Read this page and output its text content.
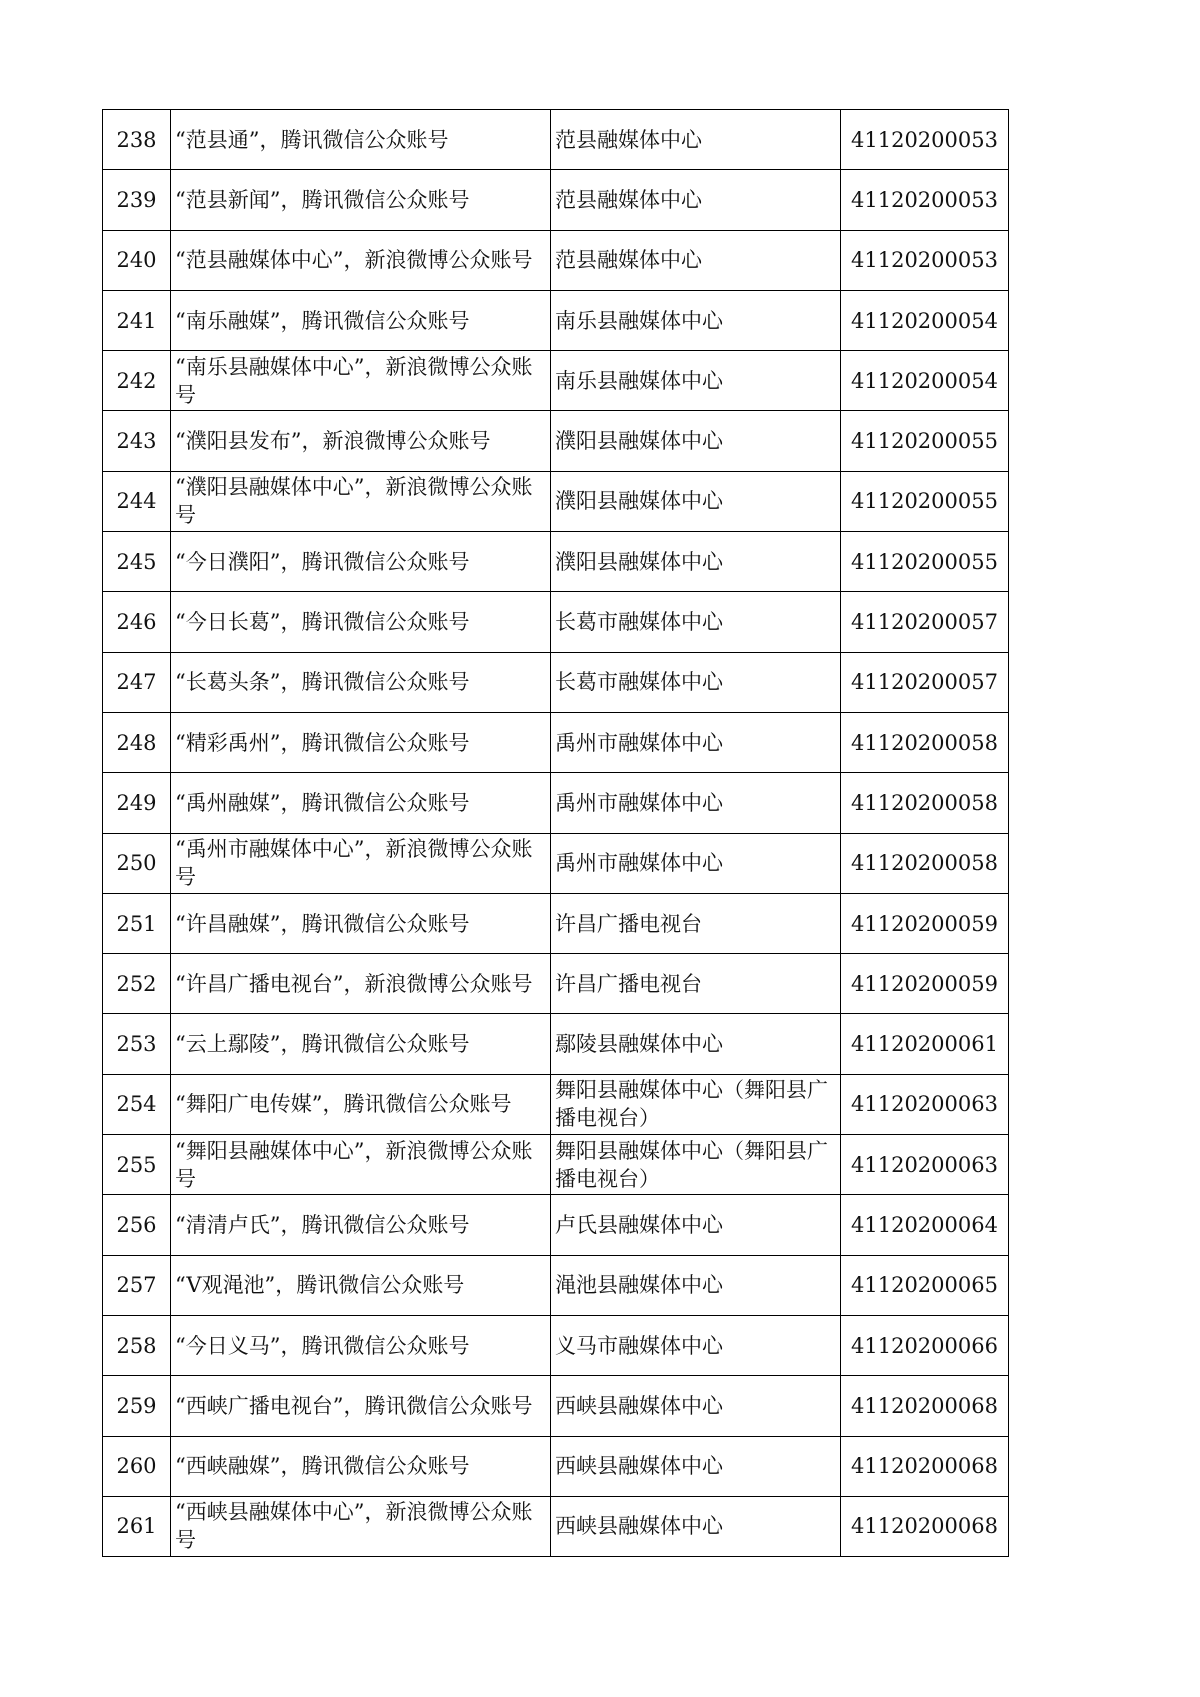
238	“范县通”，腾讯微信公众账号	范县融媒体中心	41120200053
239	“范县新闻”，腾讯微信公众账号	范县融媒体中心	41120200053
240	“范县融媒体中心”，新浪微博公众账号	范县融媒体中心	41120200053
241	“南乐融媒”，腾讯微信公众账号	南乐县融媒体中心	41120200054
242	“南乐县融媒体中心”，新浪微博公众账号	南乐县融媒体中心	41120200054
243	“濮阳县发布”，新浪微博公众账号	濮阳县融媒体中心	41120200055
244	“濮阳县融媒体中心”，新浪微博公众账号	濮阳县融媒体中心	41120200055
245	“今日濮阳”，腾讯微信公众账号	濮阳县融媒体中心	41120200055
246	“今日长葛”，腾讯微信公众账号	长葛市融媒体中心	41120200057
247	“长葛头条”，腾讯微信公众账号	长葛市融媒体中心	41120200057
248	“精彩禹州”，腾讯微信公众账号	禹州市融媒体中心	41120200058
249	“禹州融媒”，腾讯微信公众账号	禹州市融媒体中心	41120200058
250	“禹州市融媒体中心”，新浪微博公众账号	禹州市融媒体中心	41120200058
251	“许昌融媒”，腾讯微信公众账号	许昌广播电视台	41120200059
252	“许昌广播电视台”，新浪微博公众账号	许昌广播电视台	41120200059
253	“云上鄢陵”，腾讯微信公众账号	鄢陵县融媒体中心	41120200061
254	“舞阳广电传媒”，腾讯微信公众账号	舞阳县融媒体中心（舞阳县广播电视台）	41120200063
255	“舞阳县融媒体中心”，新浪微博公众账号	舞阳县融媒体中心（舞阳县广播电视台）	41120200063
256	“清清卢氏”，腾讯微信公众账号	卢氏县融媒体中心	41120200064
257	“V观渑池”，腾讯微信公众账号	渑池县融媒体中心	41120200065
258	“今日义马”，腾讯微信公众账号	义马市融媒体中心	41120200066
259	“西峡广播电视台”，腾讯微信公众账号	西峡县融媒体中心	41120200068
260	“西峡融媒”，腾讯微信公众账号	西峡县融媒体中心	41120200068
261	“西峡县融媒体中心”，新浪微博公众账号	西峡县融媒体中心	41120200068
